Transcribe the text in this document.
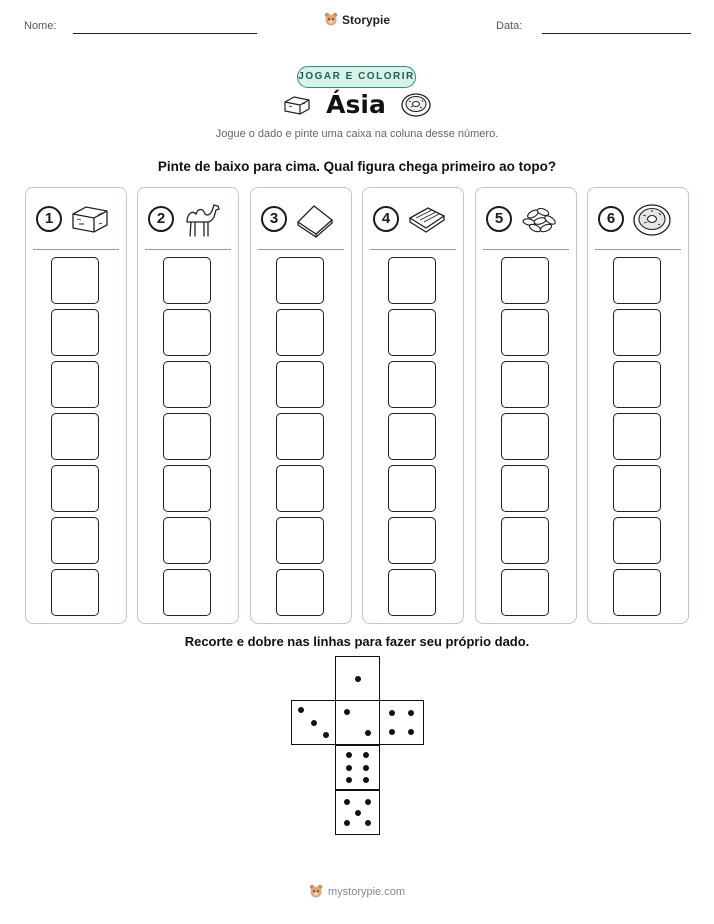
Nome:	Storypie	Data:
JOGAR E COLORIR
Ásia
Jogue o dado e pinte uma caixa na coluna desse número.
Pinte de baixo para cima. Qual figura chega primeiro ao topo?
1	2	3	4	5	6
Recorte e dobre nas linhas para fazer seu próprio dado.
mystorypie.com
